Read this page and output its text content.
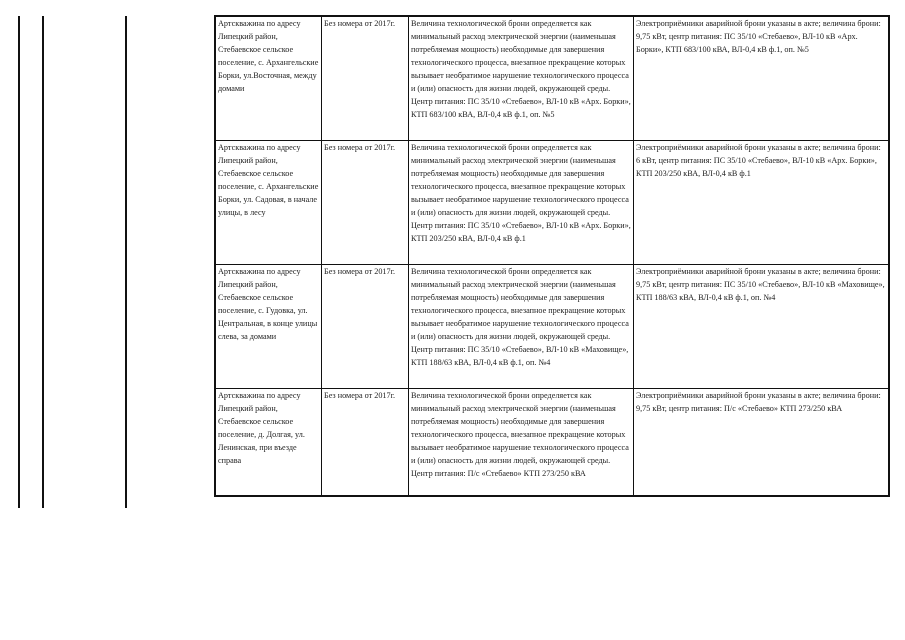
Артскважина по адресу Липецкий район, Стебаевское сельское поселение, с. Архангельские Борки, ул.Восточная, между домами	Без номера от 2017г.	Величина технологической брони определяется как минимальный расход электрической энергии (наименьшая потребляемая мощность) необходимые для завершения технологического процесса, внезапное прекращение которых вызывает необратимое нарушение технологического процесса и (или) опасность для жизни людей, окружающей среды. Центр питания: ПС 35/10 «Стебаево», ВЛ-10 кВ «Арх. Борки», КТП 683/100 кВА, ВЛ-0,4 кВ ф.1, оп. №5	Электроприёмники аварийной брони указаны в акте; величина брони: 9,75 кВт, центр питания: ПС 35/10 «Стебаево», ВЛ-10 кВ «Арх. Борки», КТП 683/100 кВА, ВЛ-0,4 кВ ф.1, оп. №5
Артскважина по адресу Липецкий район, Стебаевское сельское поселение, с. Архангельские Борки, ул. Садовая, в начале улицы, в лесу	Без номера от 2017г.	Величина технологической брони определяется как минимальный расход электрической энергии (наименьшая потребляемая мощность) необходимые для завершения технологического процесса, внезапное прекращение которых вызывает необратимое нарушение технологического процесса и (или) опасность для жизни людей, окружающей среды. Центр питания: ПС 35/10 «Стебаево», ВЛ-10 кВ «Арх. Борки», КТП 203/250 кВА, ВЛ-0,4 кВ ф.1	Электроприёмники аварийной брони указаны в акте; величина брони: 6 кВт, центр питания: ПС 35/10 «Стебаево», ВЛ-10 кВ «Арх. Борки», КТП 203/250 кВА, ВЛ-0,4 кВ ф.1
Артскважина по адресу Липецкий район, Стебаевское сельское поселение, с. Гудовка, ул. Центральная, в конце улицы слева, за домами	Без номера от 2017г.	Величина технологической брони определяется как минимальный расход электрической энергии (наименьшая потребляемая мощность) необходимые для завершения технологического процесса, внезапное прекращение которых вызывает необратимое нарушение технологического процесса и (или) опасность для жизни людей, окружающей среды. Центр питания: ПС 35/10 «Стебаево», ВЛ-10 кВ «Маховище», КТП 188/63 кВА, ВЛ-0,4 кВ ф.1, оп. №4	Электроприёмники аварийной брони указаны в акте; величина брони: 9,75 кВт, центр питания: ПС 35/10 «Стебаево», ВЛ-10 кВ «Маховище», КТП 188/63 кВА, ВЛ-0,4 кВ ф.1, оп. №4
Артскважина по адресу Липецкий район, Стебаевское сельское поселение, д. Долгая, ул. Ленинская, при въезде справа	Без номера от 2017г.	Величина технологической брони определяется как минимальный расход электрической энергии (наименьшая потребляемая мощность) необходимые для завершения технологического процесса, внезапное прекращение которых вызывает необратимое нарушение технологического процесса и (или) опасность для жизни людей, окружающей среды. Центр питания: П/с «Стебаево» КТП 273/250 кВА	Электроприёмники аварийной брони указаны в акте; величина брони: 9,75 кВт, центр питания: П/с «Стебаево» КТП 273/250 кВА
